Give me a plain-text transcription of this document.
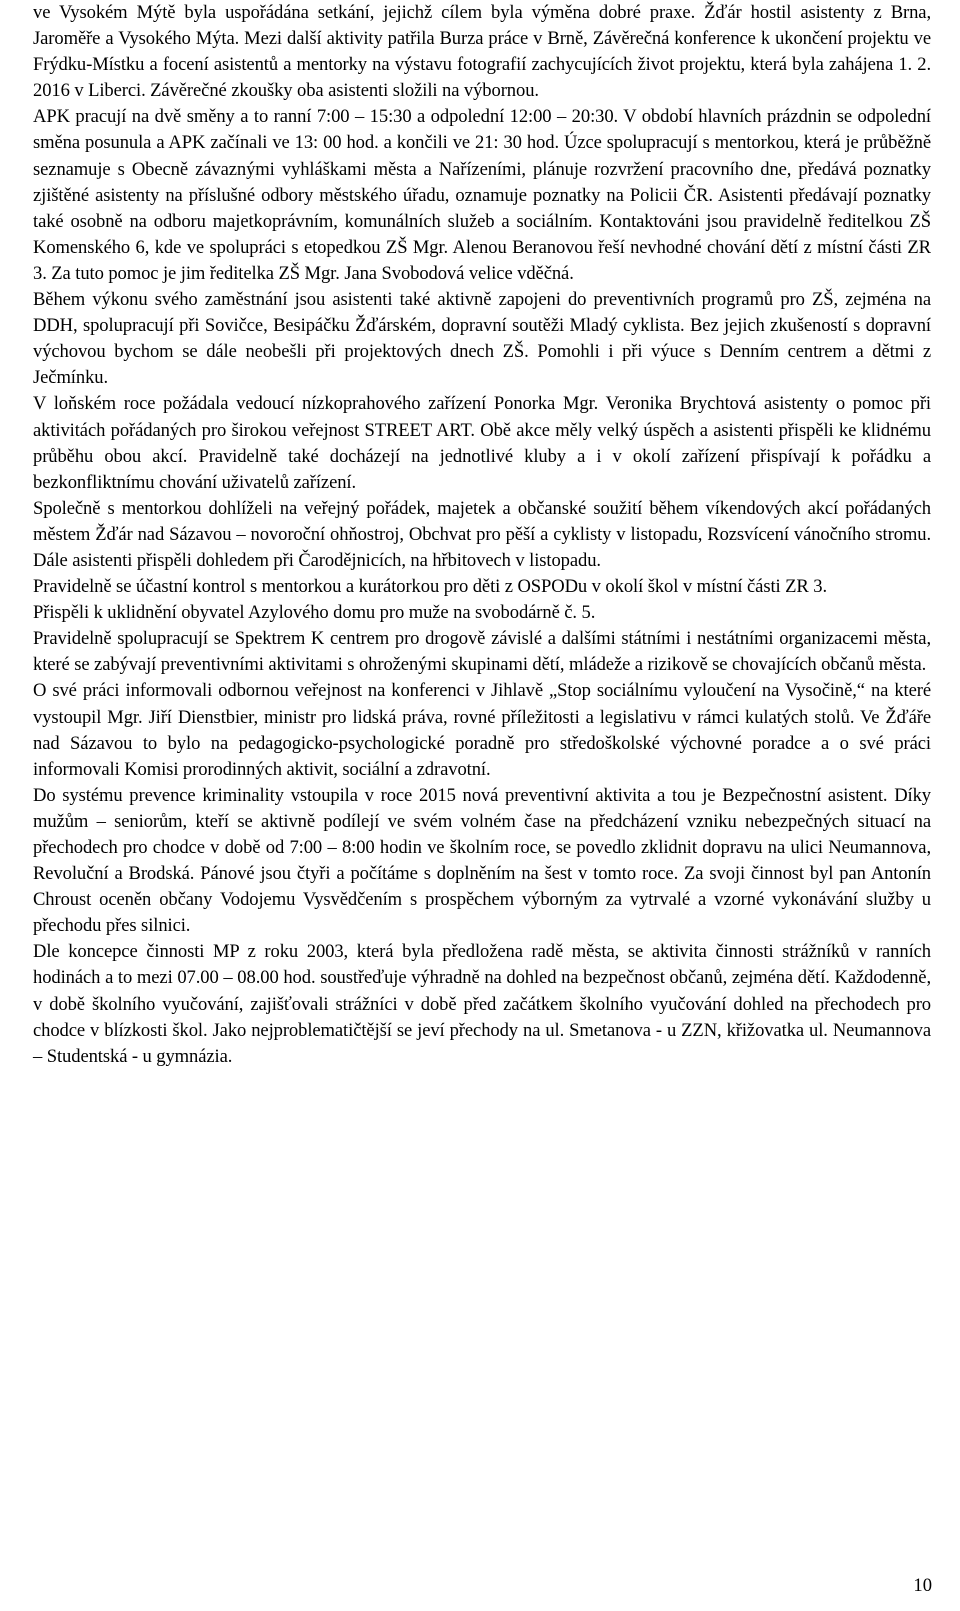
ve Vysokém Mýtě byla uspořádána setkání, jejichž cílem byla výměna dobré praxe. Žďár hostil asistenty z Brna, Jaroměře a Vysokého Mýta. Mezi další aktivity patřila Burza práce v Brně, Závěrečná konference k ukončení projektu ve Frýdku-Místku a focení asistentů a mentorky na výstavu fotografií zachycujících život projektu, která byla zahájena 1. 2. 2016 v Liberci. Závěrečné zkoušky oba asistenti složili na výbornou.

APK pracují na dvě směny a to ranní 7:00 – 15:30 a odpolední 12:00 – 20:30. V období hlavních prázdnin se odpolední směna posunula a APK začínali ve 13: 00 hod. a končili ve 21: 30 hod. Úzce spolupracují s mentorkou, která je průběžně seznamuje s Obecně závaznými vyhláškami města a Nařízeními, plánuje rozvržení pracovního dne, předává poznatky zjištěné asistenty na příslušné odbory městského úřadu, oznamuje poznatky na Policii ČR. Asistenti předávají poznatky také osobně na odboru majetkoprávním, komunálních služeb a sociálním. Kontaktováni jsou pravidelně ředitelkou ZŠ Komenského 6, kde ve spolupráci s etopedkou ZŠ Mgr. Alenou Beranovou řeší nevhodné chování dětí z místní části ZR 3. Za tuto pomoc je jim ředitelka ZŠ Mgr. Jana Svobodová velice vděčná.

Během výkonu svého zaměstnání jsou asistenti také aktivně zapojeni do preventivních programů pro ZŠ, zejména na DDH, spolupracují při Sovičce, Besipáčku Žďárském, dopravní soutěži Mladý cyklista. Bez jejich zkušeností s dopravní výchovou bychom se dále neobešli při projektových dnech ZŠ. Pomohli i při výuce s Denním centrem a dětmi z Ječmínku.

V loňském roce požádala vedoucí nízkoprahového zařízení Ponorka Mgr. Veronika Brychtová asistenty o pomoc při aktivitách pořádaných pro širokou veřejnost STREET ART. Obě akce měly velký úspěch a asistenti přispěli ke klidnému průběhu obou akcí. Pravidelně také docházejí na jednotlivé kluby a i v okolí zařízení přispívají k pořádku a bezkonfliktnímu chování uživatelů zařízení.

Společně s mentorkou dohlíželi na veřejný pořádek, majetek a občanské soužití během víkendových akcí pořádaných městem Žďár nad Sázavou – novoroční ohňostroj, Obchvat pro pěší a cyklisty v listopadu, Rozsvícení vánočního stromu. Dále asistenti přispěli dohledem při Čarodějnicích, na hřbitovech v listopadu.

Pravidelně se účastní kontrol s mentorkou a kurátorkou pro děti z OSPODu v okolí škol v místní části ZR 3.

Přispěli k uklidnění obyvatel Azylového domu pro muže na svobodárně č. 5.

Pravidelně spolupracují se Spektrem K centrem pro drogově závislé a dalšími státními i nestátními organizacemi města, které se zabývají preventivními aktivitami s ohroženými skupinami dětí, mládeže a rizikově se chovajících občanů města.

O své práci informovali odbornou veřejnost na konferenci v Jihlavě „Stop sociálnímu vyloučení na Vysočině,“ na které vystoupil Mgr. Jiří Dienstbier, ministr pro lidská práva, rovné příležitosti a legislativu v rámci kulatých stolů. Ve Žďáře nad Sázavou to bylo na pedagogicko-psychologické poradně pro středoškolské výchovné poradce a o své práci informovali Komisi prorodinných aktivit, sociální a zdravotní.

Do systému prevence kriminality vstoupila v roce 2015 nová preventivní aktivita a tou je Bezpečnostní asistent. Díky mužům – seniorům, kteří se aktivně podílejí ve svém volném čase na předcházení vzniku nebezpečných situací na přechodech pro chodce v době od 7:00 – 8:00 hodin ve školním roce, se povedlo zklidnit dopravu na ulici Neumannova, Revoluční a Brodská. Pánové jsou čtyři a počítáme s doplněním na šest v tomto roce. Za svoji činnost byl pan Antonín Chroust oceněn občany Vodojemu Vysvědčením s prospěchem výborným za vytrvalé a vzorné vykonávání služby u přechodu přes silnici.

Dle koncepce činnosti MP z roku 2003, která byla předložena radě města, se aktivita činnosti strážníků v ranních hodinách a to mezi 07.00 – 08.00 hod. soustřeďuje výhradně na dohled na bezpečnost občanů, zejména dětí. Každodenně, v době školního vyučování, zajišťovali strážníci v době před začátkem školního vyučování dohled na přechodech pro chodce v blízkosti škol. Jako nejproblematičtější se jeví přechody na ul. Smetanova - u ZZN, křižovatka ul. Neumannova – Studentská - u gymnázia.

10
